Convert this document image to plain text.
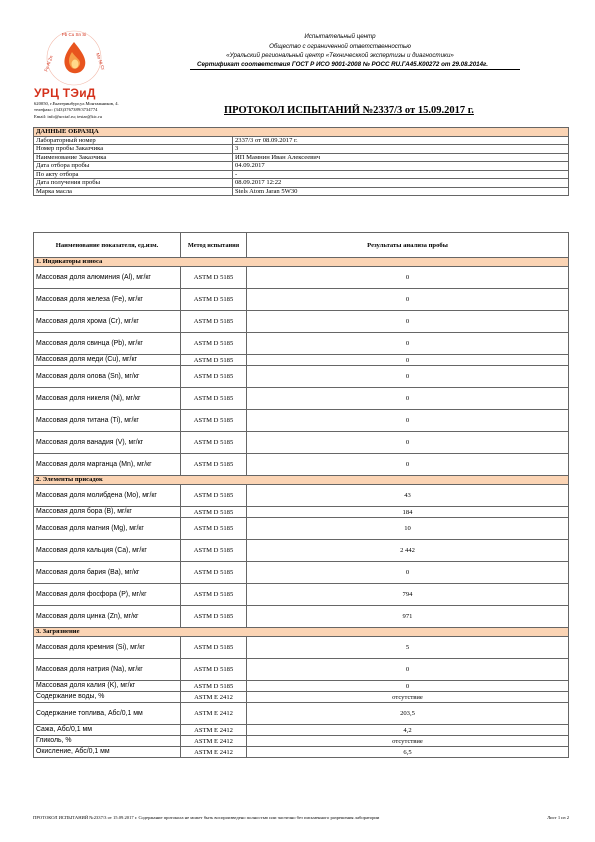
Pb Cu Sn Si
Fe Al Zn	Mo Ni Cr
УРЦ ТЭиД
620050, г.Екатеринбург,ул.Монтажников, 4.
телефакс: (343)3767389/3734774
Email: info@urctaf.ru; testar@ktc.ru
Испытательный центр
Общество с ограниченной ответственностью
«Уральский региональный центр «Техническкой экспертизы и диагностики»
Сертификат соответствия ГОСТ Р ИСО 9001-2008 № РОСС RU.ГА45.К00272 от 29.08.2014г.
ПРОТОКОЛ ИСПЫТАНИЙ №2337/3 от 15.09.2017 г.
ДАННЫЕ ОБРАЗЦА	
Лабораторный номер	2337/3 от 08.09.2017 г.
Номер пробы Заказчика	3
Наименование Заказчика	ИП Мамнин Иван Алексеевич
Дата отбора пробы	04.09.2017
По акту отбора	-
Дата получения пробы	08.09.2017 12:22
Марка масла	Stels Atom Jaran 5W30
Наименование показателя, ед.изм.	Метод испытания	Результаты анализа пробы
1. Индикаторы износа		
Массовая доля алюминия (Al), мг/кг	ASTM D 5185	0
Массовая доля железа (Fe), мг/кг	ASTM D 5185	0
Массовая доля хрома (Cr), мг/кг	ASTM D 5185	0
Массовая доля свинца (Pb), мг/кг	ASTM D 5185	0
Массовая доля меди (Cu), мг/кг	ASTM D 5185	0
Массовая доля олова (Sn), мг/кг	ASTM D 5185	0
Массовая доля никеля (Ni), мг/кг	ASTM D 5185	0
Массовая доля титана (Ti), мг/кг	ASTM D 5185	0
Массовая доля ванадия (V), мг/кг	ASTM D 5185	0
Массовая доля марганца (Mn), мг/кг	ASTM D 5185	0
2. Элементы присадок		
Массовая доля молибдена (Mo), мг/кг	ASTM D 5185	43
Массовая доля бора (B), мг/кг	ASTM D 5185	184
Массовая доля магния (Mg), мг/кг	ASTM D 5185	10
Массовая доля кальция (Ca), мг/кг	ASTM D 5185	2 442
Массовая доля бария (Ba), мг/кг	ASTM D 5185	0
Массовая доля фосфора (P), мг/кг	ASTM D 5185	794
Массовая доля цинка (Zn), мг/кг	ASTM D 5185	971
3. Загрязнение		
Массовая доля кремния (Si), мг/кг	ASTM D 5185	5
Массовая доля натрия (Na), мг/кг	ASTM D 5185	0
Массовая доля калия (K), мг/кг	ASTM D 5185	0
Содержание воды, %	ASTM E 2412	отсутствие
Содержание топлива, Абс/0,1 мм	ASTM E 2412	203,5
Сажа, Абс/0,1 мм	ASTM E 2412	4,2
Гликоль, %	ASTM E 2412	отсутствие
Окисление, Абс/0,1 мм	ASTM E 2412	6,5
ПРОТОКОЛ ИСПЫТАНИЙ №2337/3 от 15.09.2017 г. Содержание протокола не может быть воспроизведено полностью или частично без письменного разрешения лаборатории	Лист 1 из 2
